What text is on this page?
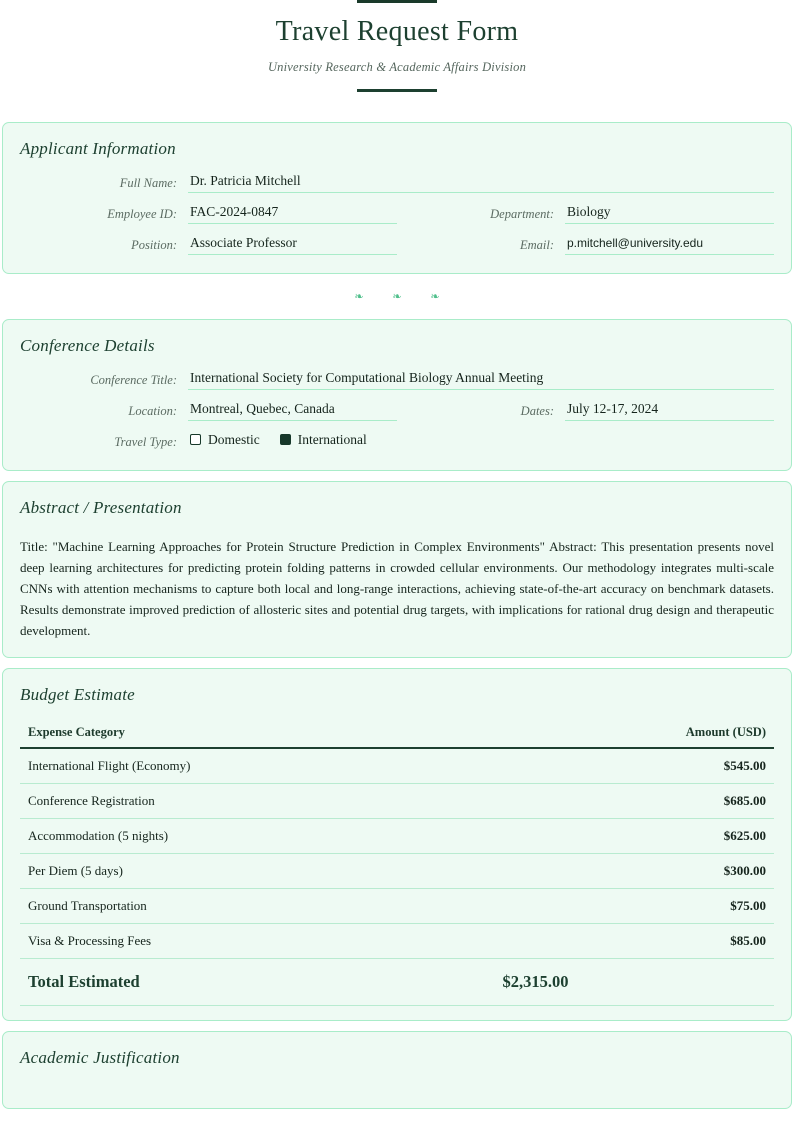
Travel Request Form
University Research & Academic Affairs Division
Applicant Information
Full Name: Dr. Patricia Mitchell
Employee ID: FAC-2024-0847	Department: Biology
Position: Associate Professor	Email:	p.mitchell@university.edu
❧ ❧ ❧
Conference Details
Conference Title: International Society for Computational Biology Annual Meeting
Location: Montreal, Quebec, Canada	Dates: July 12-17, 2024
Travel Type:	Domestic	International
Abstract / Presentation

Title: "Machine Learning Approaches for Protein Structure Prediction in Complex Environments" Abstract: This presentation presents novel deep learning architectures for predicting protein folding patterns in crowded cellular environments. Our methodology integrates multi-scale CNNs with attention mechanisms to capture both local and long-range interactions, achieving state-of-the-art accuracy on benchmark datasets. Results demonstrate improved prediction of allosteric sites and potential drug targets, with implications for rational drug design and therapeutic development.

Budget Estimate
Expense Category	Amount (USD)
International Flight (Economy)	$545.00
Conference Registration	$685.00
Accommodation (5 nights)	$625.00
Per Diem (5 days)	$300.00
Ground Transportation	$75.00
Visa & Processing Fees	$85.00
Total Estimated	$2,315.00
Academic Justification
